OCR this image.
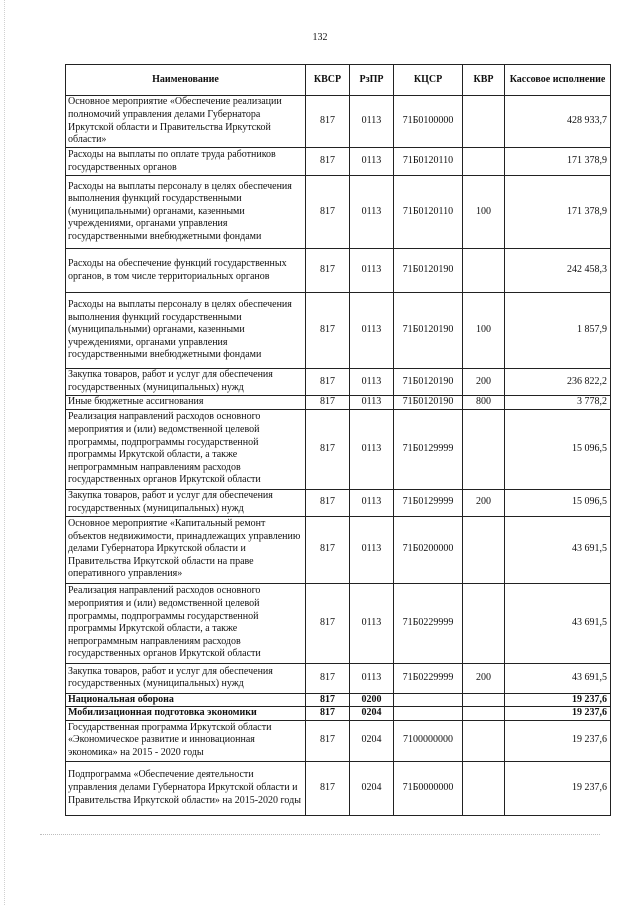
132
Наименование	КВСР	РзПР	КЦСР	КВР	Кассовое исполнение
Основное мероприятие «Обеспечение реализации полномочий управления делами Губернатора Иркутской области и Правительства Иркутской области»	817	0113	71Б0100000		428 933,7
Расходы на выплаты по оплате труда работников государственных органов	817	0113	71Б0120110		171 378,9
Расходы на выплаты персоналу в целях обеспечения выполнения функций государственными (муниципальными) органами, казенными учреждениями, органами управления государственными внебюджетными фондами	817	0113	71Б0120110	100	171 378,9
Расходы на обеспечение функций государственных органов, в том числе территориальных органов	817	0113	71Б0120190		242 458,3
Расходы на выплаты персоналу в целях обеспечения выполнения функций государственными (муниципальными) органами, казенными учреждениями, органами управления государственными внебюджетными фондами	817	0113	71Б0120190	100	1 857,9
Закупка товаров, работ и услуг для обеспечения государственных (муниципальных) нужд	817	0113	71Б0120190	200	236 822,2
Иные бюджетные ассигнования	817	0113	71Б0120190	800	3 778,2
Реализация направлений расходов основного мероприятия и (или) ведомственной целевой программы, подпрограммы государственной программы Иркутской области, а также непрограммным направлениям расходов государственных органов Иркутской области	817	0113	71Б0129999		15 096,5
Закупка товаров, работ и услуг для обеспечения государственных (муниципальных) нужд	817	0113	71Б0129999	200	15 096,5
Основное мероприятие «Капитальный ремонт объектов недвижимости, принадлежащих управлению делами Губернатора Иркутской области и Правительства Иркутской области на праве оперативного управления»	817	0113	71Б0200000		43 691,5
Реализация направлений расходов основного мероприятия и (или) ведомственной целевой программы, подпрограммы государственной программы Иркутской области, а также непрограммным направлениям расходов государственных органов Иркутской области	817	0113	71Б0229999		43 691,5
Закупка товаров, работ и услуг для обеспечения государственных (муниципальных) нужд	817	0113	71Б0229999	200	43 691,5
Национальная оборона	817	0200			19 237,6
Мобилизационная подготовка экономики	817	0204			19 237,6
Государственная программа Иркутской области «Экономическое развитие и инновационная экономика» на 2015 - 2020 годы	817	0204	7100000000		19 237,6
Подпрограмма «Обеспечение деятельности управления делами Губернатора Иркутской области и Правительства Иркутской области» на 2015-2020 годы	817	0204	71Б0000000		19 237,6
